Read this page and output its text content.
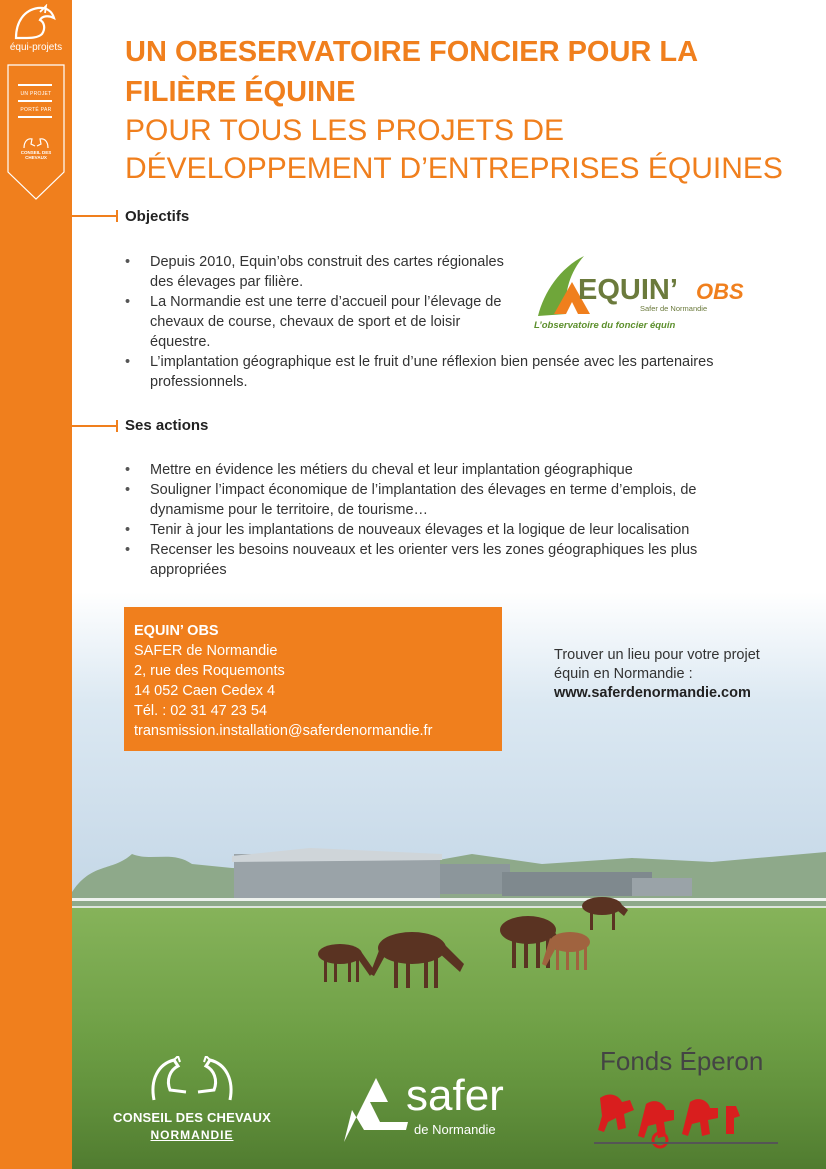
équi-projets
UN PROJET
PORTÉ PAR
CONSEIL DES CHEVAUX
UN OBESERVATOIRE FONCIER POUR LA FILIÈRE ÉQUINE
POUR TOUS LES PROJETS DE DÉVELOPPEMENT D’ENTREPRISES ÉQUINES
Objectifs
• Depuis 2010, Equin’obs construit des cartes régionales des élevages par filière.
• La Normandie est une terre d’accueil pour l’élevage de chevaux de course, chevaux de sport et de loisir équestre.
• L’implantation géographique est le fruit d’une réflexion bien pensée avec les partenaires professionnels.
EQUIN’ OBS
Safer de Normandie
L’observatoire du foncier équin
Ses actions
• Mettre en évidence les métiers du cheval et leur implantation géographique
• Souligner l’impact économique de l’implantation des élevages en terme d’emplois, de dynamisme pour le territoire, de tourisme…
• Tenir à jour les implantations de nouveaux élevages et la logique de leur localisation
• Recenser les besoins nouveaux et les orienter vers les zones géographiques les plus appropriées
EQUIN’ OBS
SAFER de Normandie
2, rue des Roquemonts
14 052 Caen Cedex 4
Tél. : 02 31 47 23 54
transmission.installation@saferdenormandie.fr
Trouver un lieu pour votre projet
équin en Normandie :
www.saferdenormandie.com
CONSEIL DES CHEVAUX
NORMANDIE
safer
de Normandie
Fonds Éperon
